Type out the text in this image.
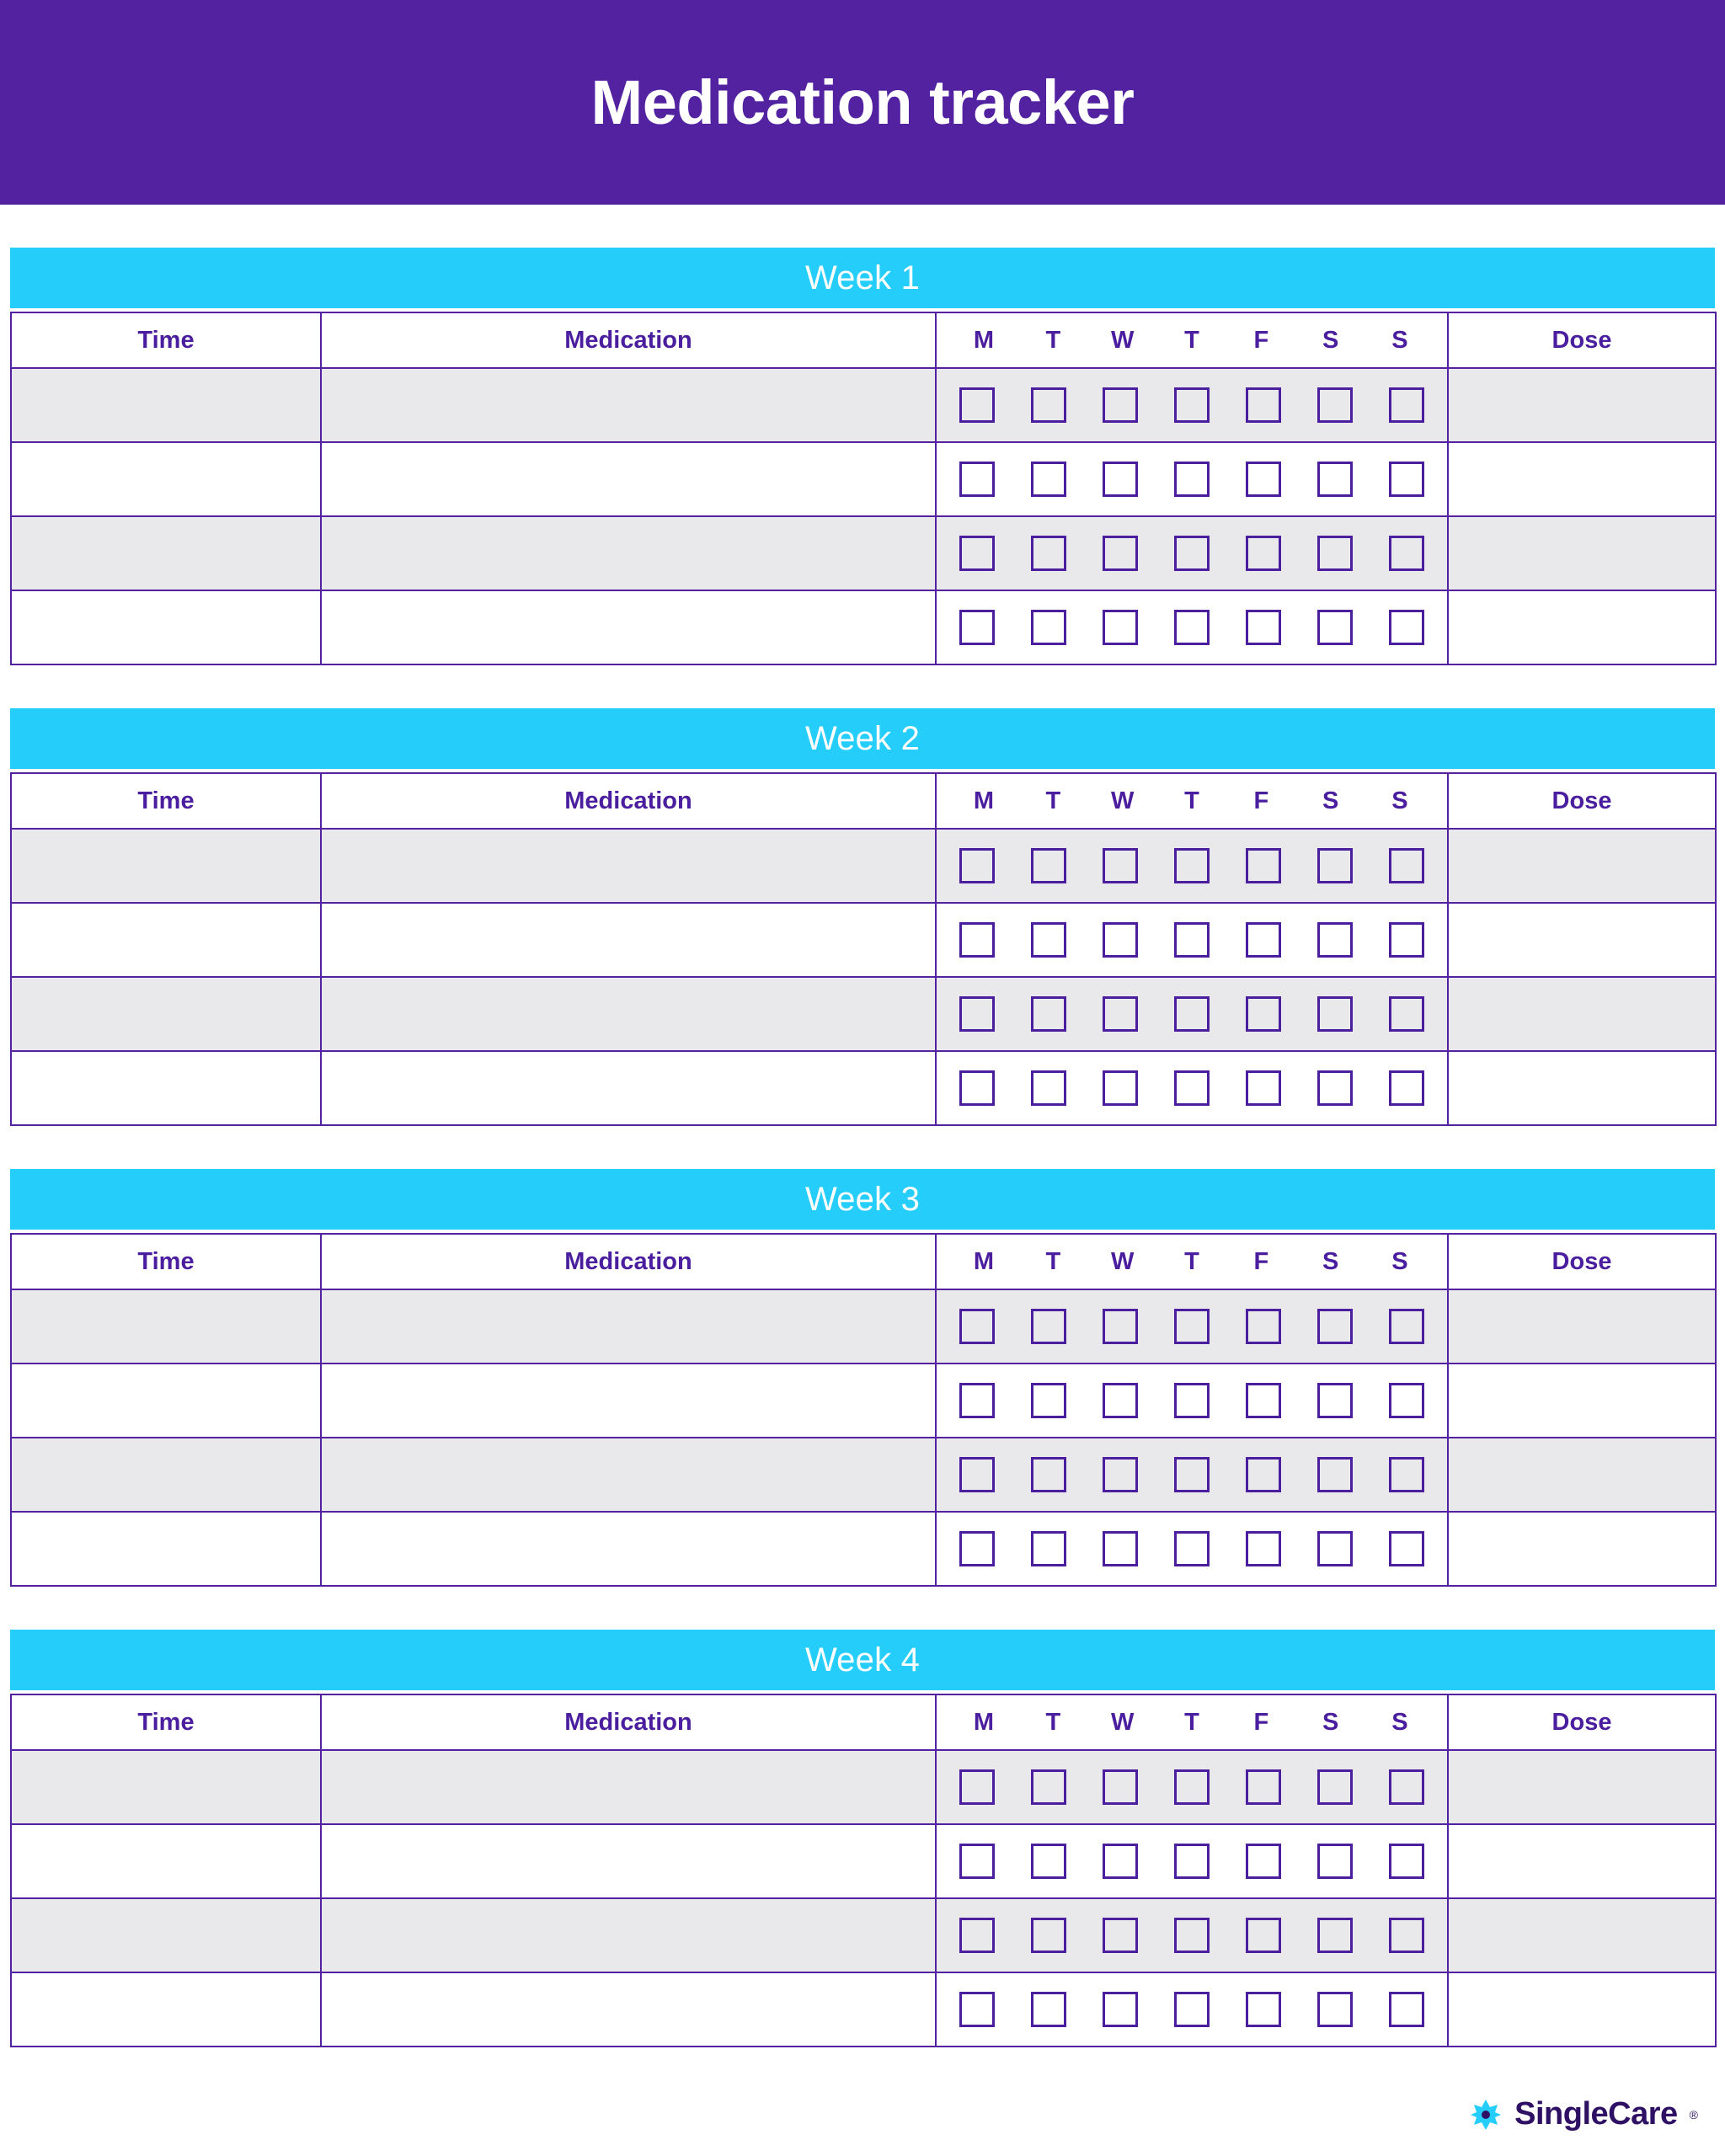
Medication tracker
Week 1
Time	Medication	M	T	W	T	F	S	S	Dose

Week 2
Time	Medication	M	T	W	T	F	S	S	Dose

Week 3
Time	Medication	M	T	W	T	F	S	S	Dose

Week 4
Time	Medication	M	T	W	T	F	S	S	Dose

SingleCare ®
